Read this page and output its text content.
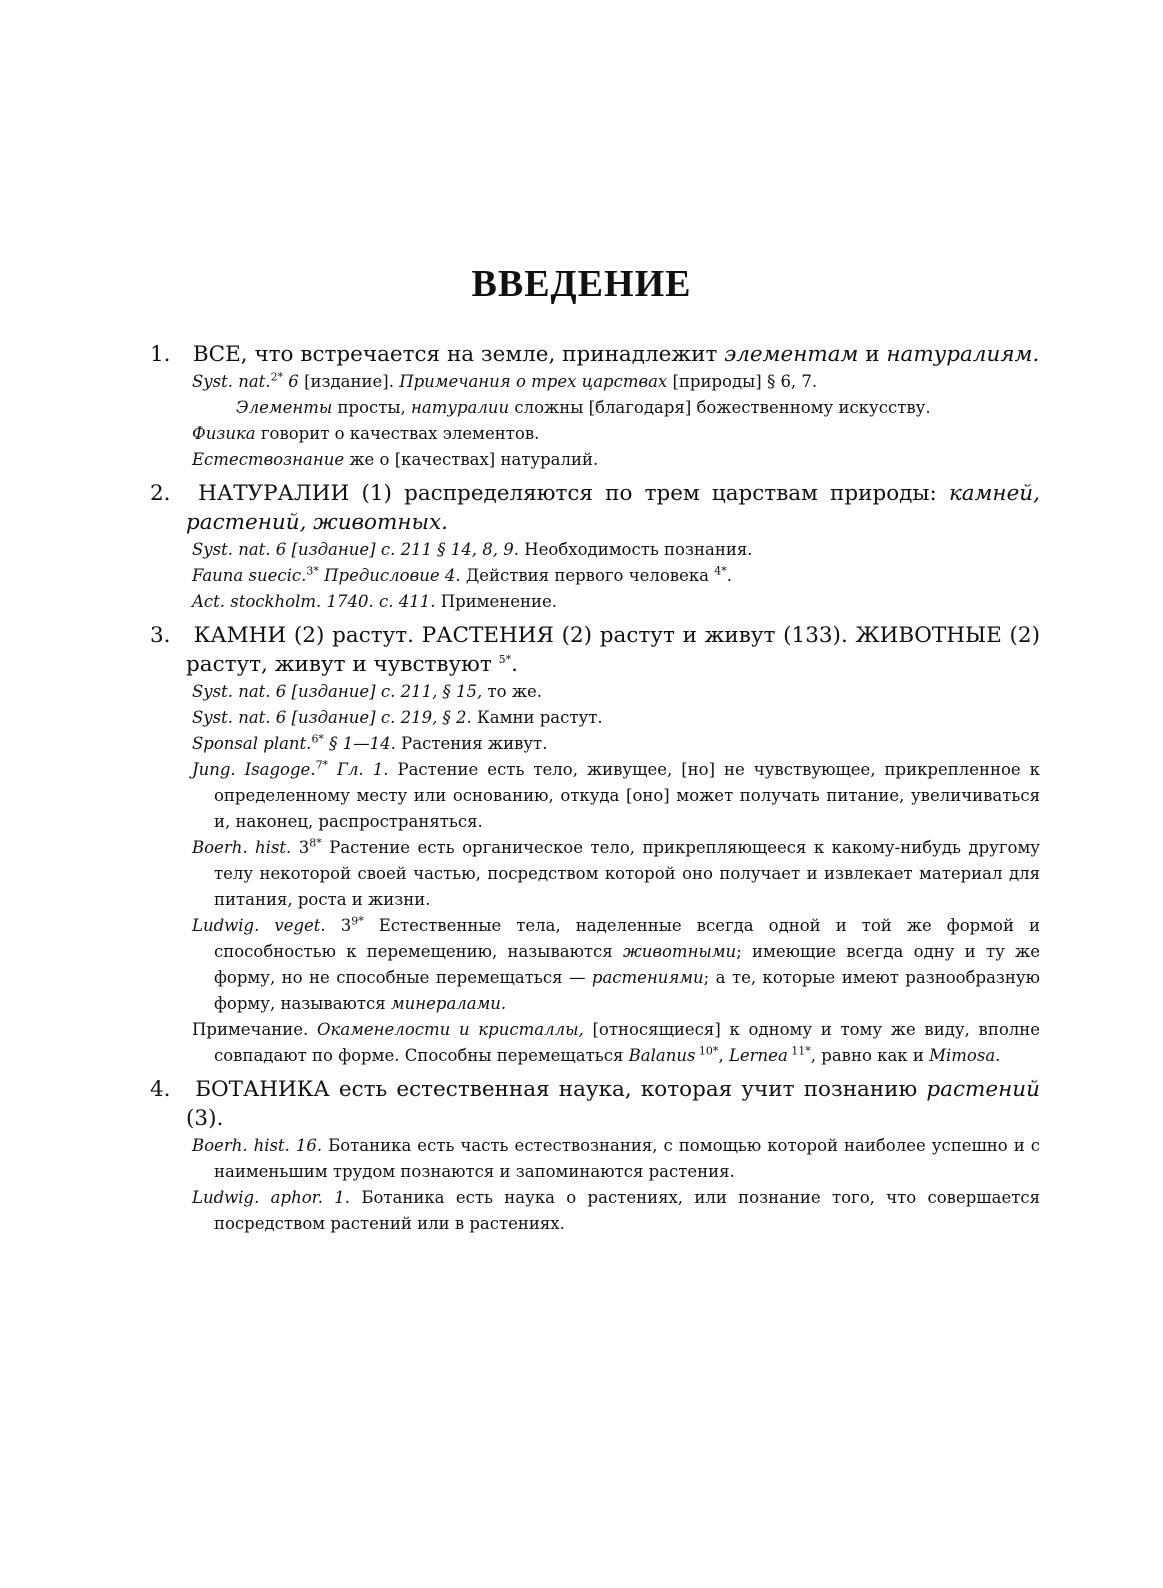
ВВЕДЕНИЕ

1. ВСЕ, что встречается на земле, принадлежит элементам и натуралиям.

Syst. nat.$^{2*}$ 6 [издание]. Примечания о трех царствах [природы] § 6, 7.

Элементы просты, натуралии сложны [благодаря] божественному искусству.

Физика говорит о качествах элементов.

Естествознание же о [качествах] натуралий.

2. НАТУРАЛИИ (1) распределяются по трем царствам природы: камней, растений, животных.

Syst. nat. 6 [издание] с. 211 § 14, 8, 9. Необходимость познания.

Fauna suecic.$^{3*}$ Предисловие 4. Действия первого человека $^{4*}$.

Act. stockholm. 1740. с. 411. Применение.

3. КАМНИ (2) растут. РАСТЕНИЯ (2) растут и живут (133). ЖИВОТНЫЕ (2) растут, живут и чувствуют $^{5*}$.

Syst. nat. 6 [издание] с. 211, § 15, то же.

Syst. nat. 6 [издание] с. 219, § 2. Камни растут.

Sponsal plant.$^{6*}$ § 1—14. Растения живут.

Jung. Isagoge.$^{7*}$ Гл. 1. Растение есть тело, живущее, [но] не чувствующее, прикрепленное к определенному месту или основанию, откуда [оно] может получать питание, увеличиваться и, наконец, распространяться.

Boerh. hist. $3^{8*}$ Растение есть органическое тело, прикрепляющееся к какому-нибудь другому телу некоторой своей частью, посредством которой оно получает и извлекает материал для питания, роста и жизни.

Ludwig. veget. $3^{9*}$ Естественные тела, наделенные всегда одной и той же формой и способностью к перемещению, называются животными; имеющие всегда одну и ту же форму, но не способные перемещаться — растениями; а те, которые имеют разнообразную форму, называются минералами.

Примечание. Окаменелости и кристаллы, [относящиеся] к одному и тому же виду, вполне совпадают по форме. Способны перемещаться Balanus $^{10*}$, Lernea $^{11*}$, равно как и Mimosa.

4. БОТАНИКА есть естественная наука, которая учит познанию растений (3).

Boerh. hist. 16. Ботаника есть часть естествознания, с помощью которой наиболее успешно и с наименьшим трудом познаются и запоминаются растения.

Ludwig. aphor. 1. Ботаника есть наука о растениях, или познание того, что совершается посредством растений или в растениях.
